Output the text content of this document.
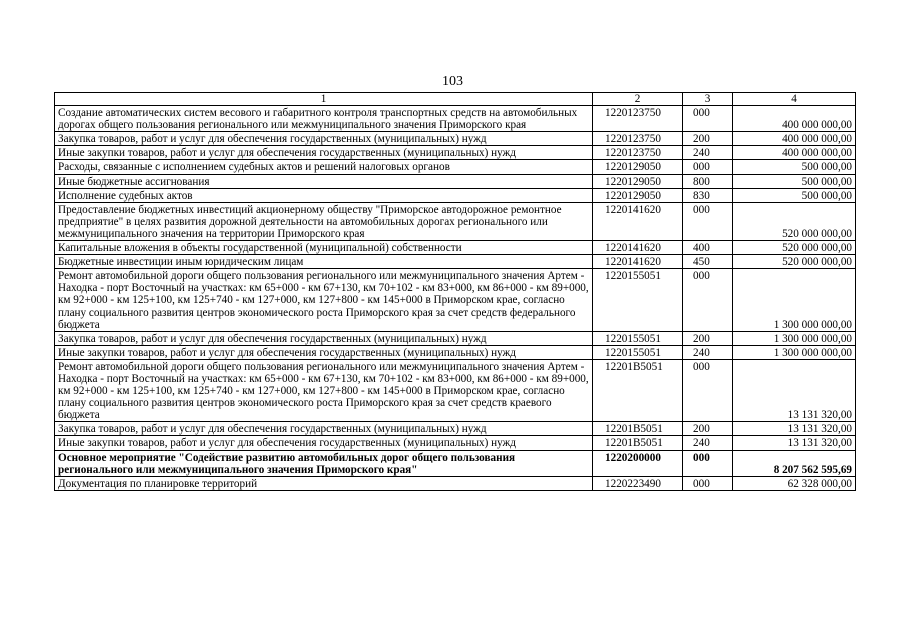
103
1	2	3	4
Создание автоматических систем весового и габаритного контроля транспортных средств на автомобильных дорогах общего пользования регионального или межмуниципального значения Приморского края	1220123750	000	400 000 000,00
Закупка товаров, работ и услуг для обеспечения государственных (муниципальных) нужд	1220123750	200	400 000 000,00
Иные закупки товаров, работ и услуг для обеспечения государственных (муниципальных) нужд	1220123750	240	400 000 000,00
Расходы, связанные с исполнением судебных актов и решений налоговых органов	1220129050	000	500 000,00
Иные бюджетные ассигнования	1220129050	800	500 000,00
Исполнение судебных актов	1220129050	830	500 000,00
Предоставление бюджетных инвестиций акционерному обществу "Приморское автодорожное ремонтное предприятие" в целях развития дорожной деятельности на автомобильных дорогах регионального или межмуниципального значения на территории Приморского края	1220141620	000	520 000 000,00
Капитальные вложения в объекты государственной (муниципальной) собственности	1220141620	400	520 000 000,00
Бюджетные инвестиции иным юридическим лицам	1220141620	450	520 000 000,00
Ремонт автомобильной дороги общего пользования регионального или межмуниципального значения Артем - Находка - порт Восточный на участках: км 65+000 - км 67+130, км 70+102 - км 83+000, км 86+000 - км 89+000, км 92+000 - км 125+100, км 125+740 - км 127+000, км 127+800 - км 145+000 в Приморском крае, согласно плану социального развития центров экономического роста Приморского края за счет средств федерального бюджета	1220155051	000	1 300 000 000,00
Закупка товаров, работ и услуг для обеспечения государственных (муниципальных) нужд	1220155051	200	1 300 000 000,00
Иные закупки товаров, работ и услуг для обеспечения государственных (муниципальных) нужд	1220155051	240	1 300 000 000,00
Ремонт автомобильной дороги общего пользования регионального или межмуниципального значения Артем - Находка - порт Восточный на участках: км 65+000 - км 67+130, км 70+102 - км 83+000, км 86+000 - км 89+000, км 92+000 - км 125+100, км 125+740 - км 127+000, км 127+800 - км 145+000 в Приморском крае, согласно плану социального развития центров экономического роста Приморского края за счет средств краевого бюджета	12201В5051	000	13 131 320,00
Закупка товаров, работ и услуг для обеспечения государственных (муниципальных) нужд	12201В5051	200	13 131 320,00
Иные закупки товаров, работ и услуг для обеспечения государственных (муниципальных) нужд	12201В5051	240	13 131 320,00
Основное мероприятие "Содействие развитию автомобильных дорог общего пользования регионального или межмуниципального значения Приморского края"	1220200000	000	8 207 562 595,69
Документация по планировке территорий	1220223490	000	62 328 000,00
